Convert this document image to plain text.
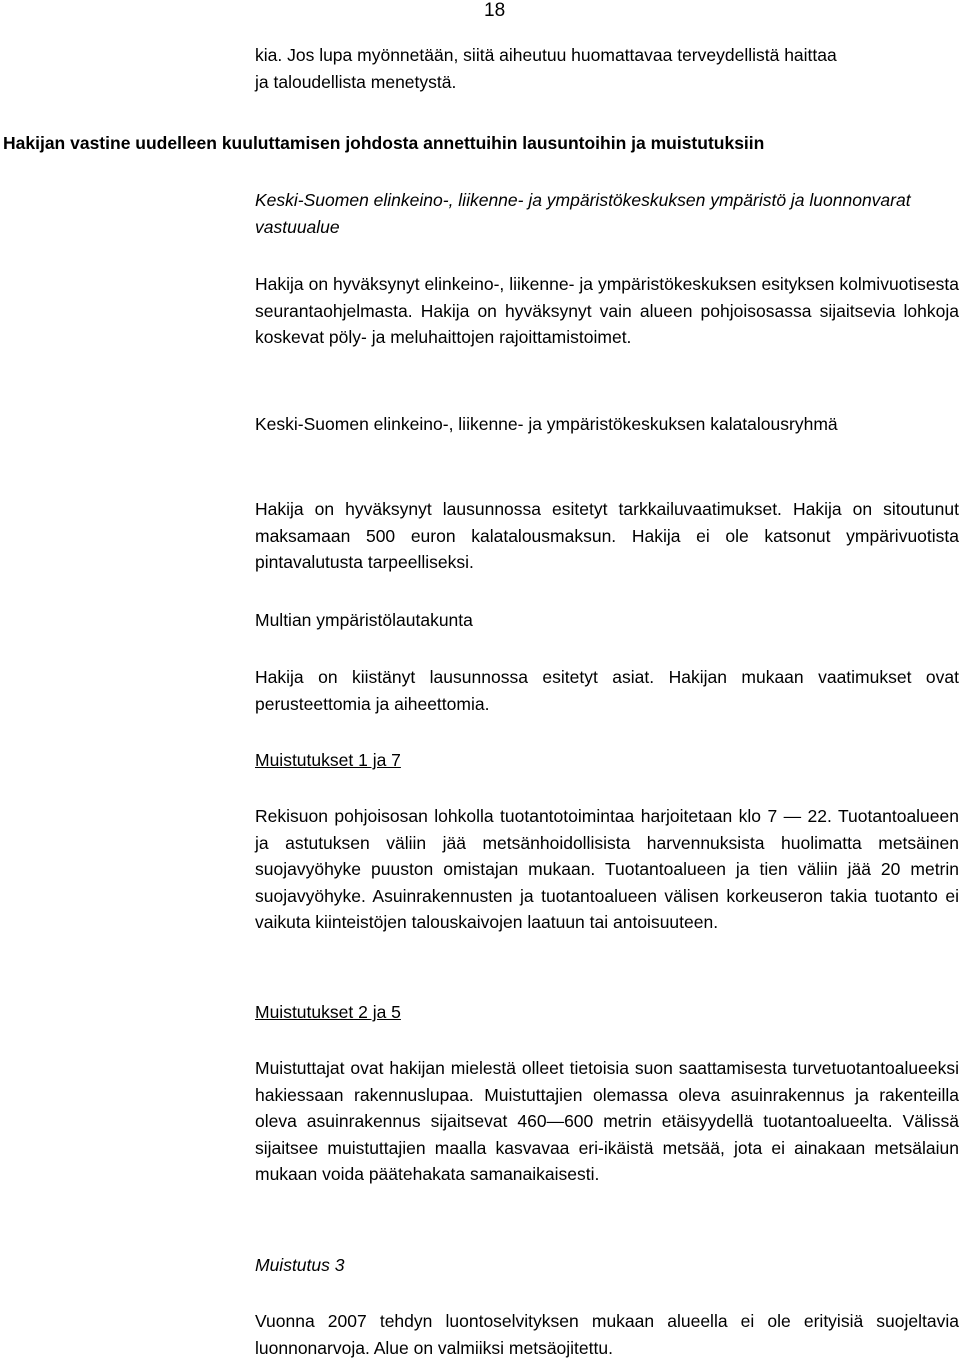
18
kia. Jos lupa myönnetään, siitä aiheutuu huomattavaa terveydellistä haittaa
ja taloudellista menetystä.
Hakijan vastine uudelleen kuuluttamisen johdosta annettuihin lausuntoihin ja muistutuksiin
Keski-Suomen elinkeino-, liikenne- ja ympäristökeskuksen ympäristö ja luonnonvarat vastuualue
Hakija on hyväksynyt elinkeino-, liikenne- ja ympäristökeskuksen esityksen kolmivuotisesta seurantaohjelmasta. Hakija on hyväksynyt vain alueen pohjoisosassa sijaitsevia lohkoja koskevat pöly- ja meluhaittojen rajoittamistoimet.
Keski-Suomen elinkeino-, liikenne- ja ympäristökeskuksen kalatalousryhmä
Hakija on hyväksynyt lausunnossa esitetyt tarkkailuvaatimukset. Hakija on sitoutunut maksamaan 500 euron kalatalousmaksun. Hakija ei ole katsonut ympärivuotista pintavalutusta tarpeelliseksi.
Multian ympäristölautakunta
Hakija on kiistänyt lausunnossa esitetyt asiat. Hakijan mukaan vaatimukset ovat perusteettomia ja aiheettomia.
Muistutukset 1 ja 7
Rekisuon pohjoisosan lohkolla tuotantotoimintaa harjoitetaan klo 7 — 22. Tuotantoalueen ja astutuksen väliin jää metsänhoidollisista harvennuksista huolimatta metsäinen suojavyöhyke puuston omistajan mukaan. Tuotantoalueen ja tien väliin jää 20 metrin suojavyöhyke. Asuinrakennusten ja tuotantoalueen välisen korkeuseron takia tuotanto ei vaikuta kiinteistöjen talouskaivojen laatuun tai antoisuuteen.
Muistutukset 2 ja 5
Muistuttajat ovat hakijan mielestä olleet tietoisia suon saattamisesta turvetuotantoalueeksi hakiessaan rakennuslupaa. Muistuttajien olemassa oleva asuinrakennus ja rakenteilla oleva asuinrakennus sijaitsevat 460—600 metrin etäisyydellä tuotantoalueelta. Välissä sijaitsee muistuttajien maalla kasvavaa eri-ikäistä metsää, jota ei ainakaan metsälaiun mukaan voida päätehakata samanaikaisesti.
Muistutus 3
Vuonna 2007 tehdyn luontoselvityksen mukaan alueella ei ole erityisiä suojeltavia luonnonarvoja. Alue on valmiiksi metsäojitettu.
